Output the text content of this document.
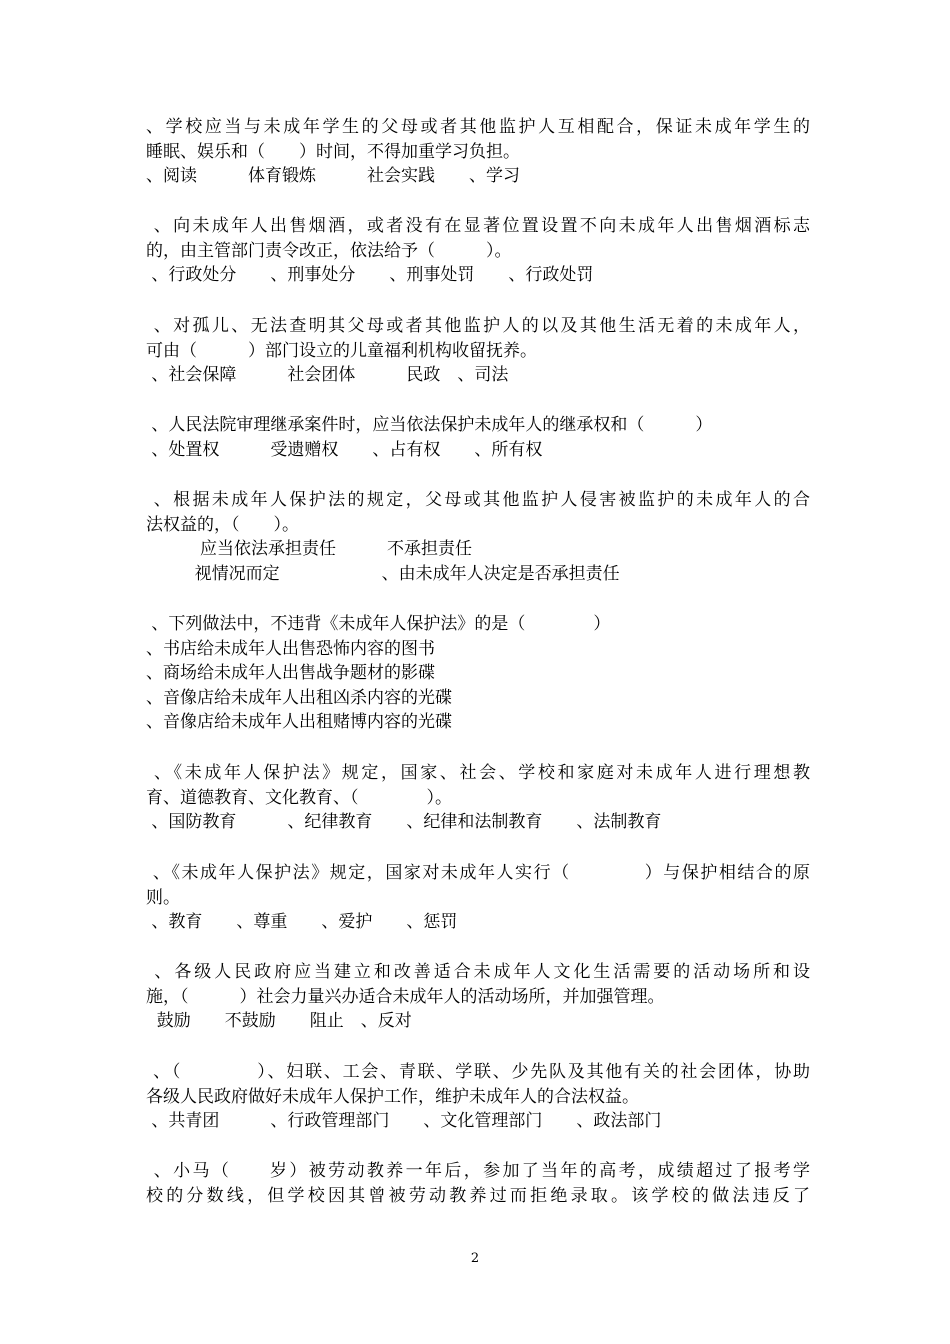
、学校应当与未成年学生的父母或者其他监护人互相配合，保证未成年学生的
睡眠、娱乐和（　　）时间，不得加重学习负担。
、阅读　　　体育锻炼　　　社会实践　　、学习
、向未成年人出售烟酒，或者没有在显著位置设置不向未成年人出售烟酒标志
的，由主管部门责令改正，依法给予（　　　）。
、行政处分　　、刑事处分　　、刑事处罚　　、行政处罚
、对孤儿、无法查明其父母或者其他监护人的以及其他生活无着的未成年人，
可由（　　　）部门设立的儿童福利机构收留抚养。
、社会保障　　　社会团体　　　民政　、司法
、人民法院审理继承案件时，应当依法保护未成年人的继承权和（　　　）
、处置权　　　受遗赠权　　、占有权　　、所有权
、根据未成年人保护法的规定，父母或其他监护人侵害被监护的未成年人的合
法权益的，（　　）。
应当依法承担责任　　　不承担责任
视情况而定　　　　　　、由未成年人决定是否承担责任
、下列做法中，不违背《未成年人保护法》的是（　　　　）
、书店给未成年人出售恐怖内容的图书
、商场给未成年人出售战争题材的影碟
、音像店给未成年人出租凶杀内容的光碟
、音像店给未成年人出租赌博内容的光碟
、《未成年人保护法》规定，国家、社会、学校和家庭对未成年人进行理想教
育、道德教育、文化教育、（　　　　）。
、国防教育　　　、纪律教育　　、纪律和法制教育　　、法制教育
、《未成年人保护法》规定，国家对未成年人实行（　　　　）与保护相结合的原
则。
、教育　　、尊重　　、爱护　　、惩罚
、各级人民政府应当建立和改善适合未成年人文化生活需要的活动场所和设
施，（　　　）社会力量兴办适合未成年人的活动场所，并加强管理。
鼓励　　不鼓励　　阻止　、反对
、（　　　　）、妇联、工会、青联、学联、少先队及其他有关的社会团体，协助
各级人民政府做好未成年人保护工作，维护未成年人的合法权益。
、共青团　　　、行政管理部门　　、文化管理部门　　、政法部门
、小马（　　岁）被劳动教养一年后，参加了当年的高考，成绩超过了报考学
校的分数线，但学校因其曾被劳动教养过而拒绝录取。该学校的做法违反了
2
